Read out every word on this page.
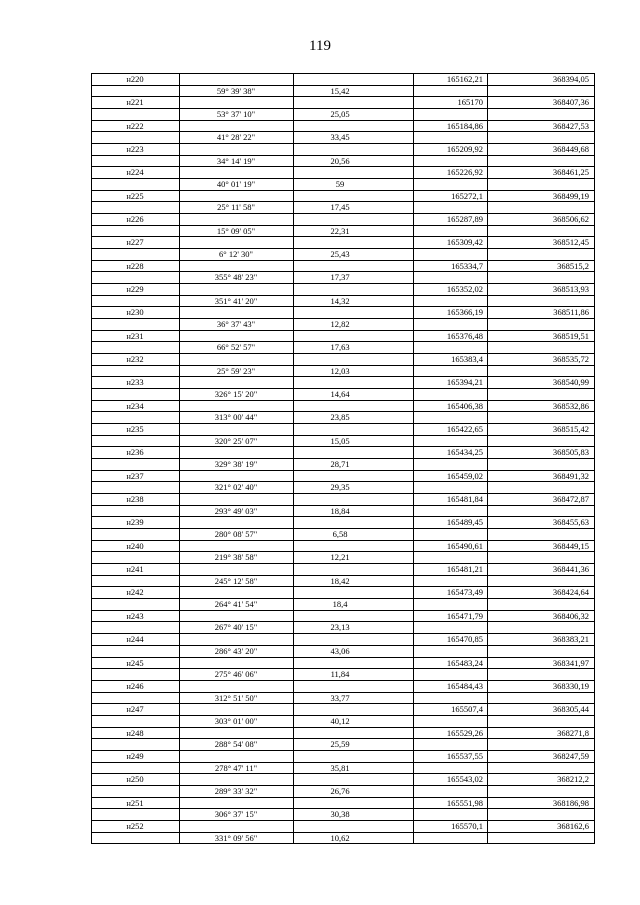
119
н220	165162,21	368394,05
59° 39' 38"	15,42
н221	165170	368407,36
53° 37' 10"	25,05
н222	165184,86	368427,53
41° 28' 22"	33,45
н223	165209,92	368449,68
34° 14' 19"	20,56
н224	165226,92	368461,25
40° 01' 19"	59
н225	165272,1	368499,19
25° 11' 58"	17,45
н226	165287,89	368506,62
15° 09' 05"	22,31
н227	165309,42	368512,45
6° 12' 30"	25,43
н228	165334,7	368515,2
355° 48' 23"	17,37
н229	165352,02	368513,93
351° 41' 20"	14,32
н230	165366,19	368511,86
36° 37' 43"	12,82
н231	165376,48	368519,51
66° 52' 57"	17,63
н232	165383,4	368535,72
25° 59' 23"	12,03
н233	165394,21	368540,99
326° 15' 20"	14,64
н234	165406,38	368532,86
313° 00' 44"	23,85
н235	165422,65	368515,42
320° 25' 07"	15,05
н236	165434,25	368505,83
329° 38' 19"	28,71
н237	165459,02	368491,32
321° 02' 40"	29,35
н238	165481,84	368472,87
293° 49' 03"	18,84
н239	165489,45	368455,63
280° 08' 57"	6,58
н240	165490,61	368449,15
219° 38' 58"	12,21
н241	165481,21	368441,36
245° 12' 58"	18,42
н242	165473,49	368424,64
264° 41' 54"	18,4
н243	165471,79	368406,32
267° 40' 15"	23,13
н244	165470,85	368383,21
286° 43' 20"	43,06
н245	165483,24	368341,97
275° 46' 06"	11,84
н246	165484,43	368330,19
312° 51' 50"	33,77
н247	165507,4	368305,44
303° 01' 00"	40,12
н248	165529,26	368271,8
288° 54' 08"	25,59
н249	165537,55	368247,59
278° 47' 11"	35,81
н250	165543,02	368212,2
289° 33' 32"	26,76
н251	165551,98	368186,98
306° 37' 15"	30,38
н252	165570,1	368162,6
331° 09' 56"	10,62
